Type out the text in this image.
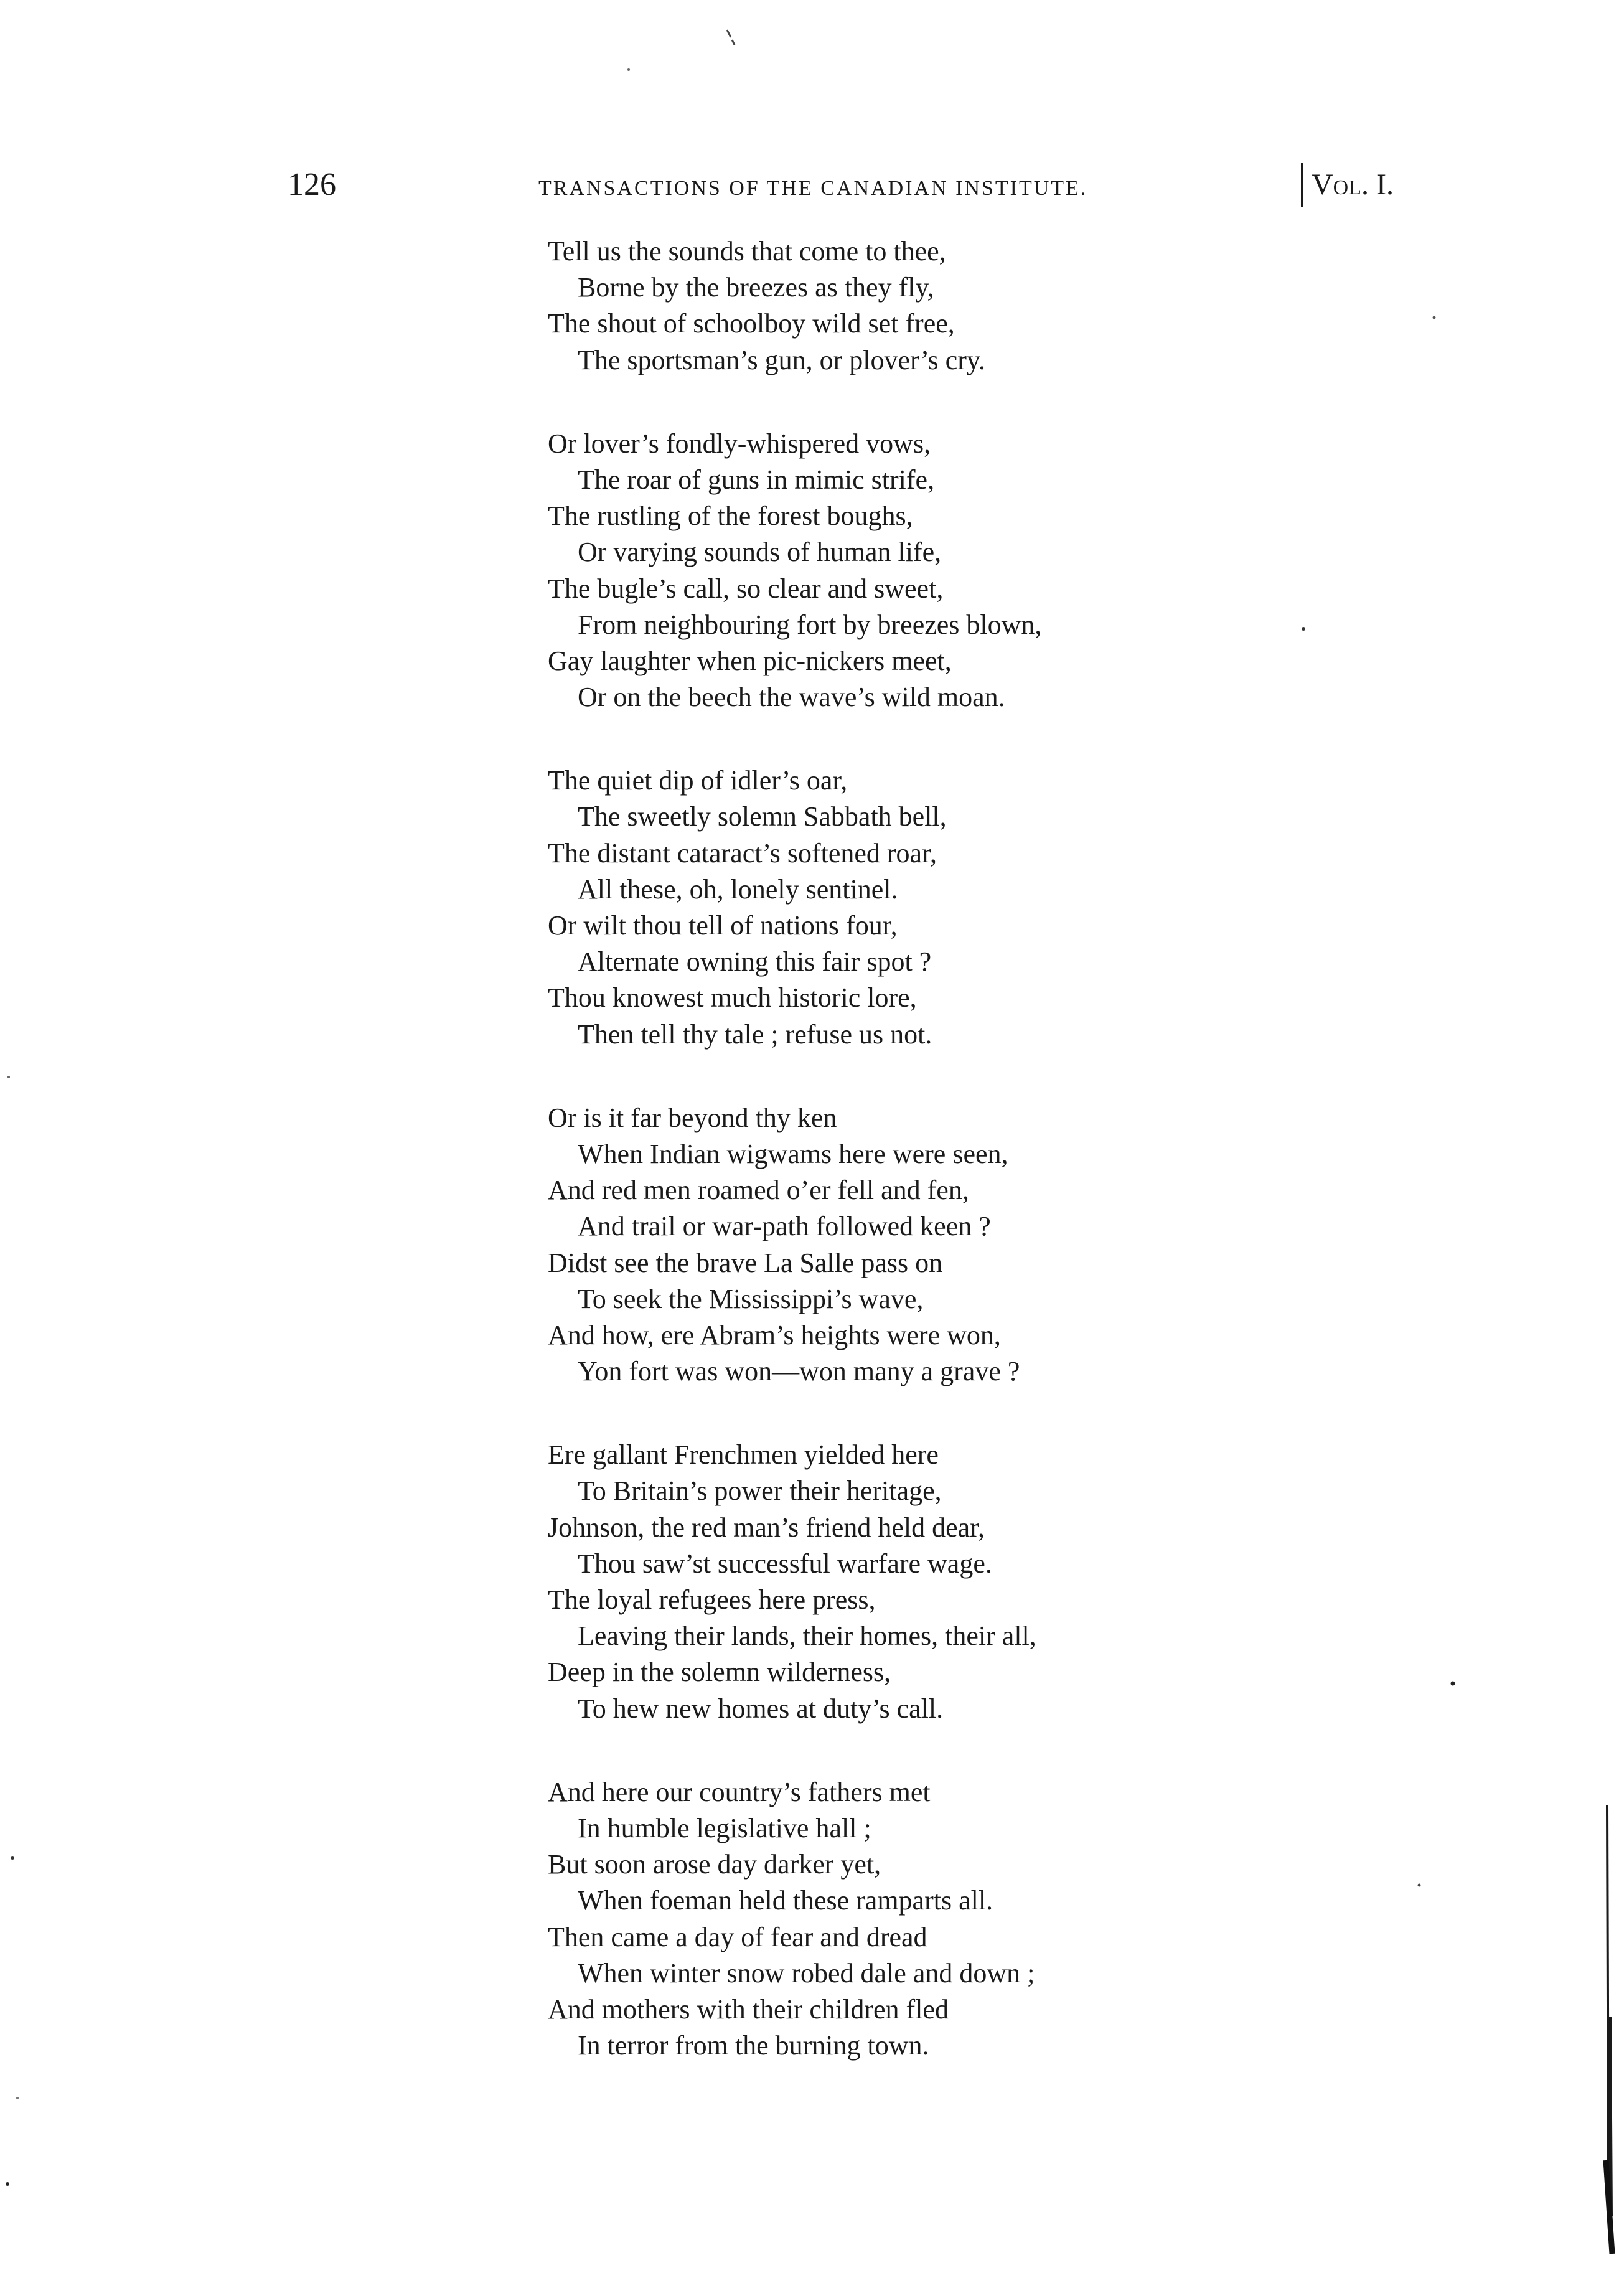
126	TRANSACTIONS OF THE CANADIAN INSTITUTE.	Vol. I.
Tell us the sounds that come to thee,
Borne by the breezes as they fly,
The shout of schoolboy wild set free,
The sportsman’s gun, or plover’s cry.
Or lover’s fondly-whispered vows,
The roar of guns in mimic strife,
The rustling of the forest boughs,
Or varying sounds of human life,
The bugle’s call, so clear and sweet,
From neighbouring fort by breezes blown,
Gay laughter when pic-nickers meet,
Or on the beech the wave’s wild moan.
The quiet dip of idler’s oar,
The sweetly solemn Sabbath bell,
The distant cataract’s softened roar,
All these, oh, lonely sentinel.
Or wilt thou tell of nations four,
Alternate owning this fair spot ?
Thou knowest much historic lore,
Then tell thy tale ; refuse us not.
Or is it far beyond thy ken
When Indian wigwams here were seen,
And red men roamed o’er fell and fen,
And trail or war-path followed keen ?
Didst see the brave La Salle pass on
To seek the Mississippi’s wave,
And how, ere Abram’s heights were won,
Yon fort was won—won many a grave ?
Ere gallant Frenchmen yielded here
To Britain’s power their heritage,
Johnson, the red man’s friend held dear,
Thou saw’st successful warfare wage.
The loyal refugees here press,
Leaving their lands, their homes, their all,
Deep in the solemn wilderness,
To hew new homes at duty’s call.
And here our country’s fathers met
In humble legislative hall ;
But soon arose day darker yet,
When foeman held these ramparts all.
Then came a day of fear and dread
When winter snow robed dale and down ;
And mothers with their children fled
In terror from the burning town.
